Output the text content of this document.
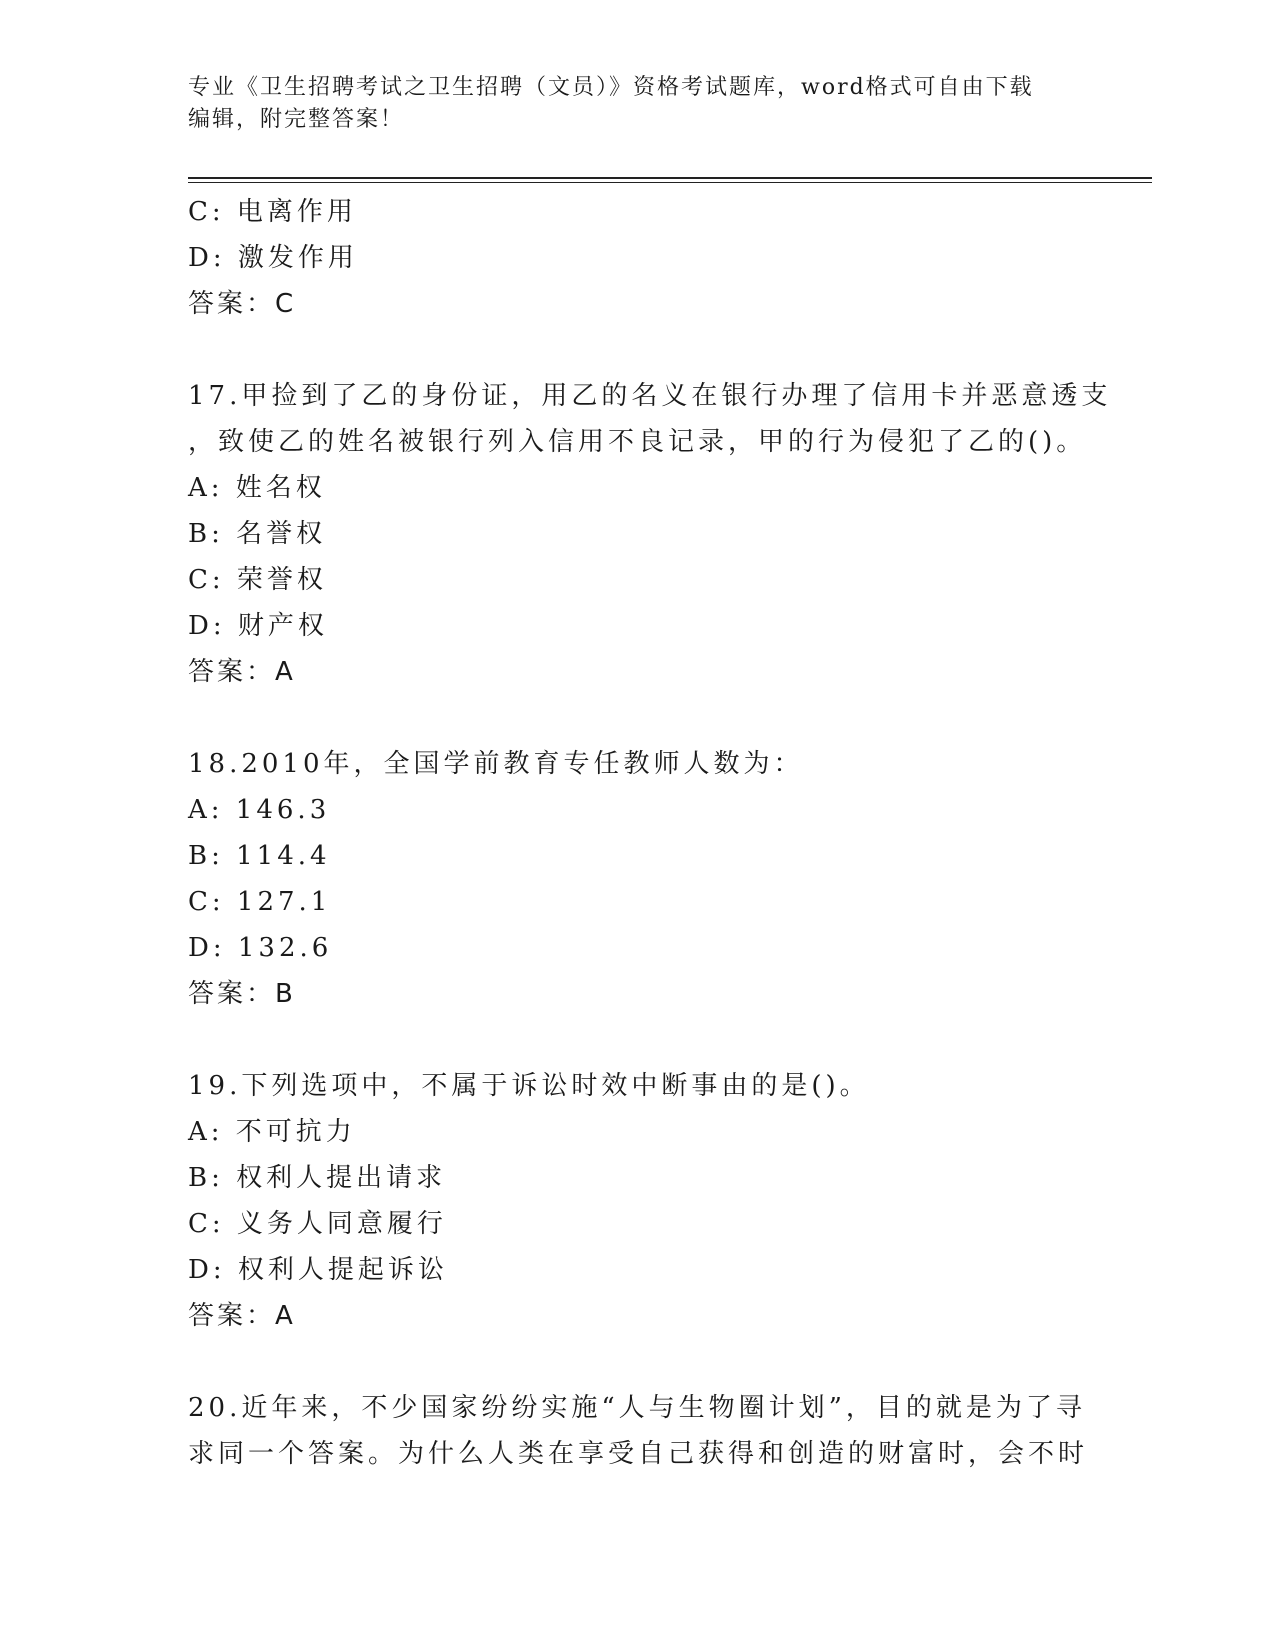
专业《卫生招聘考试之卫生招聘（文员）》资格考试题库，word格式可自由下载
编辑，附完整答案！
C: 电离作用
D: 激发作用
答案：C
17.甲捡到了乙的身份证，用乙的名义在银行办理了信用卡并恶意透支
，致使乙的姓名被银行列入信用不良记录，甲的行为侵犯了乙的()。
A: 姓名权
B: 名誉权
C: 荣誉权
D: 财产权
答案：A
18.2010年，全国学前教育专任教师人数为：
A: 146.3
B: 114.4
C: 127.1
D: 132.6
答案：B
19.下列选项中，不属于诉讼时效中断事由的是()。
A: 不可抗力
B: 权利人提出请求
C: 义务人同意履行
D: 权利人提起诉讼
答案：A
20.近年来，不少国家纷纷实施“人与生物圈计划”，目的就是为了寻
求同一个答案。为什么人类在享受自己获得和创造的财富时，会不时
